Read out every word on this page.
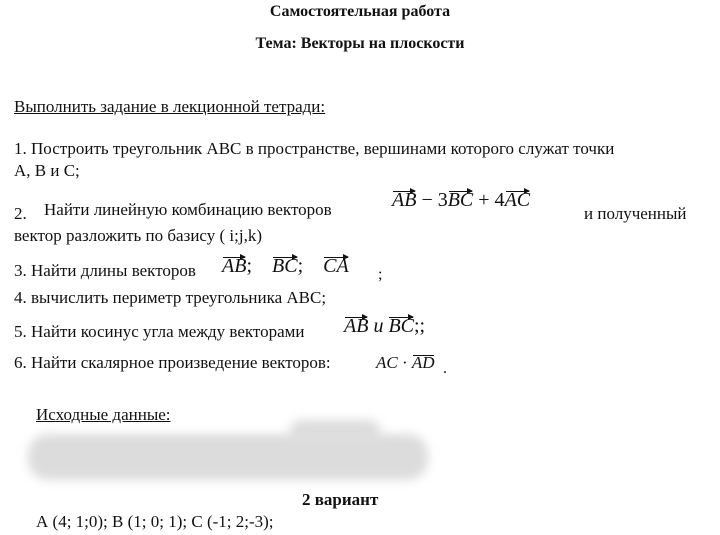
Самостоятельная работа
Тема: Векторы на плоскости
Выполнить задание в лекционной тетради:
1. Построить треугольник АВС в пространстве, вершинами которого служат точки
А, В и С;
2. Найти линейную комбинацию векторов	AB − 3BC + 4AC
и полученный
вектор разложить по базису ( i;j,k)
3. Найти длины векторов AB; BC; CA ;
4. вычислить периметр треугольника АВС;
5. Найти косинус угла между векторами AB и BC;;
6. Найти скалярное произведение векторов:	AC · AD .
Исходные данные:
2 вариант
А (4; 1;0); В (1; 0; 1); С (-1; 2;-3);
